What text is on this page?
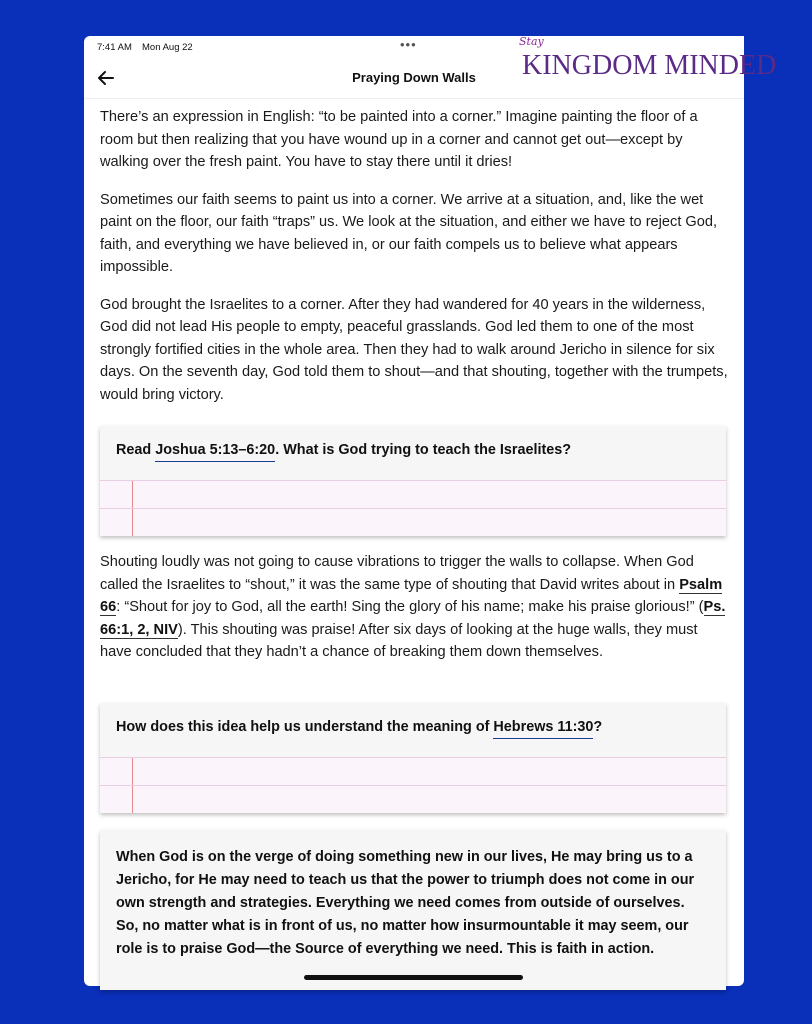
7:41 AM Mon Aug 22	•••
Praying Down Walls
Stay
KINGDOM MINDED

There’s an expression in English: “to be painted into a corner.” Imagine painting the floor of a room but then realizing that you have wound up in a corner and cannot get out—except by walking over the fresh paint. You have to stay there until it dries!

Sometimes our faith seems to paint us into a corner. We arrive at a situation, and, like the wet paint on the floor, our faith “traps” us. We look at the situation, and either we have to reject God, faith, and everything we have believed in, or our faith compels us to believe what appears impossible.

God brought the Israelites to a corner. After they had wandered for 40 years in the wilderness, God did not lead His people to empty, peaceful grasslands. God led them to one of the most strongly fortified cities in the whole area. Then they had to walk around Jericho in silence for six days. On the seventh day, God told them to shout—and that shouting, together with the trumpets, would bring victory.

Read Joshua 5:13–6:20. What is God trying to teach the Israelites?

Shouting loudly was not going to cause vibrations to trigger the walls to collapse. When God called the Israelites to “shout,” it was the same type of shouting that David writes about in Psalm 66: “Shout for joy to God, all the earth! Sing the glory of his name; make his praise glorious!” (Ps. 66:1, 2, NIV). This shouting was praise! After six days of looking at the huge walls, they must have concluded that they hadn’t a chance of breaking them down themselves.

How does this idea help us understand the meaning of Hebrews 11:30?
When God is on the verge of doing something new in our lives, He may bring us to a Jericho, for He may need to teach us that the power to triumph does not come in our own strength and strategies. Everything we need comes from outside of ourselves. So, no matter what is in front of us, no matter how insurmountable it may seem, our role is to praise God—the Source of everything we need. This is faith in action.
